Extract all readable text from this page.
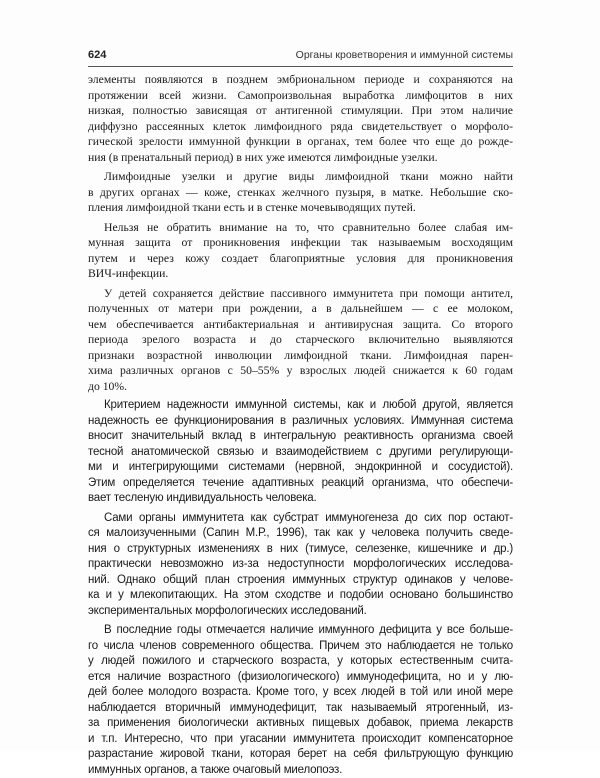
624	Органы кроветворения и иммунной системы

элементы появляются в позднем эмбриональном периоде и сохраняются на
протяжении всей жизни. Самопроизвольная выработка лимфоцитов в них
низкая, полностью зависящая от антигенной стимуляции. При этом наличие
диффузно рассеянных клеток лимфоидного ряда свидетельствует о морфоло-
гической зрелости иммунной функции в органах, тем более что еще до рожде-
ния (в пренатальный период) в них уже имеются лимфоидные узелки.

Лимфоидные узелки и другие виды лимфоидной ткани можно найти
в других органах — коже, стенках желчного пузыря, в матке. Небольшие ско-
пления лимфоидной ткани есть и в стенке мочевыводящих путей.

Нельзя не обратить внимание на то, что сравнительно более слабая им-
мунная защита от проникновения инфекции так называемым восходящим
путем и через кожу создает благоприятные условия для проникновения
ВИЧ-инфекции.

У детей сохраняется действие пассивного иммунитета при помощи антител,
полученных от матери при рождении, а в дальнейшем — с ее молоком,
чем обеспечивается антибактериальная и антивирусная защита. Со второго
периода зрелого возраста и до старческого включительно выявляются
признаки возрастной инволюции лимфоидной ткани. Лимфоидная парен-
хима различных органов с 50–55% у взрослых людей снижается к 60 годам
до 10%.

Критерием надежности иммунной системы, как и любой другой, является
надежность ее функционирования в различных условиях. Иммунная система
вносит значительный вклад в интегральную реактивность организма своей
тесной анатомической связью и взаимодействием с другими регулирующи-
ми и интегрирующими системами (нервной, эндокринной и сосудистой).
Этим определяется течение адаптивных реакций организма, что обеспечи-
вает тесленую индивидуальность человека.

Сами органы иммунитета как субстрат иммуногенеза до сих пор остают-
ся малоизученными (Сапин М.Р., 1996), так как у человека получить сведе-
ния о структурных изменениях в них (тимусе, селезенке, кишечнике и др.)
практически невозможно из-за недоступности морфологических исследова-
ний. Однако общий план строения иммунных структур одинаков у челове-
ка и у млекопитающих. На этом сходстве и подобии основано большинство
экспериментальных морфологических исследований.

В последние годы отмечается наличие иммунного дефицита у все больше-
го числа членов современного общества. Причем это наблюдается не только
у людей пожилого и старческого возраста, у которых естественным счита-
ется наличие возрастного (физиологического) иммунодефицита, но и у лю-
дей более молодого возраста. Кроме того, у всех людей в той или иной мере
наблюдается вторичный иммунодефицит, так называемый ятрогенный, из-
за применения биологически активных пищевых добавок, приема лекарств
и т.п. Интересно, что при угасании иммунитета происходит компенсаторное
разрастание жировой ткани, которая берет на себя фильтрующую функцию
иммунных органов, а также очаговый миелопоэз.
